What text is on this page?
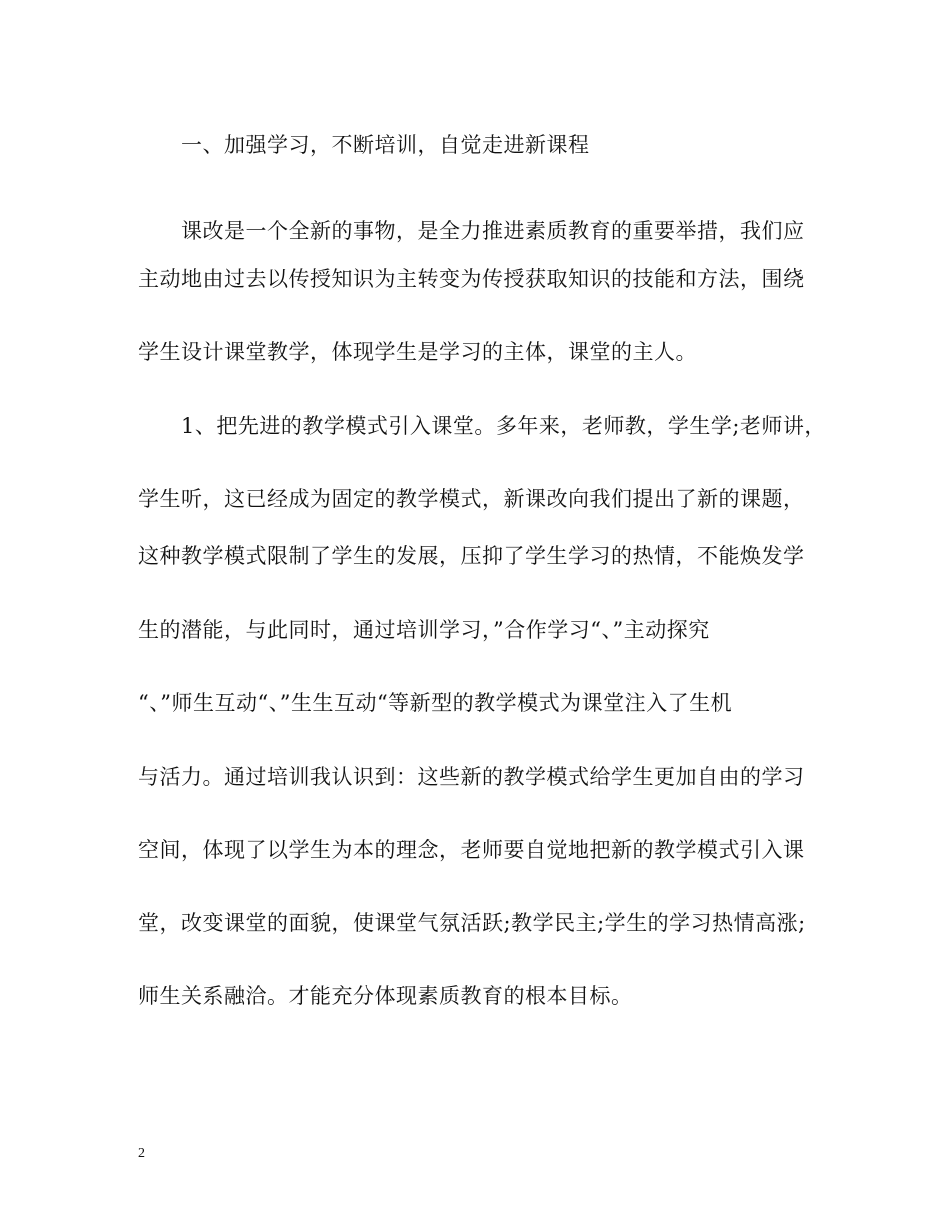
一、加强学习，不断培训，自觉走进新课程
课改是一个全新的事物，是全力推进素质教育的重要举措，我们应
主动地由过去以传授知识为主转变为传授获取知识的技能和方法，围绕
学生设计课堂教学，体现学生是学习的主体，课堂的主人。
1、把先进的教学模式引入课堂。多年来，老师教，学生学;老师讲，
学生听，这已经成为固定的教学模式，新课改向我们提出了新的课题，
这种教学模式限制了学生的发展，压抑了学生学习的热情，不能焕发学
生的潜能，与此同时，通过培训学习，”合作学习“、”主动探究
“、”师生互动“、”生生互动“等新型的教学模式为课堂注入了生机
与活力。通过培训我认识到：这些新的教学模式给学生更加自由的学习
空间，体现了以学生为本的理念，老师要自觉地把新的教学模式引入课
堂，改变课堂的面貌，使课堂气氛活跃;教学民主;学生的学习热情高涨;
师生关系融洽。才能充分体现素质教育的根本目标。
2
